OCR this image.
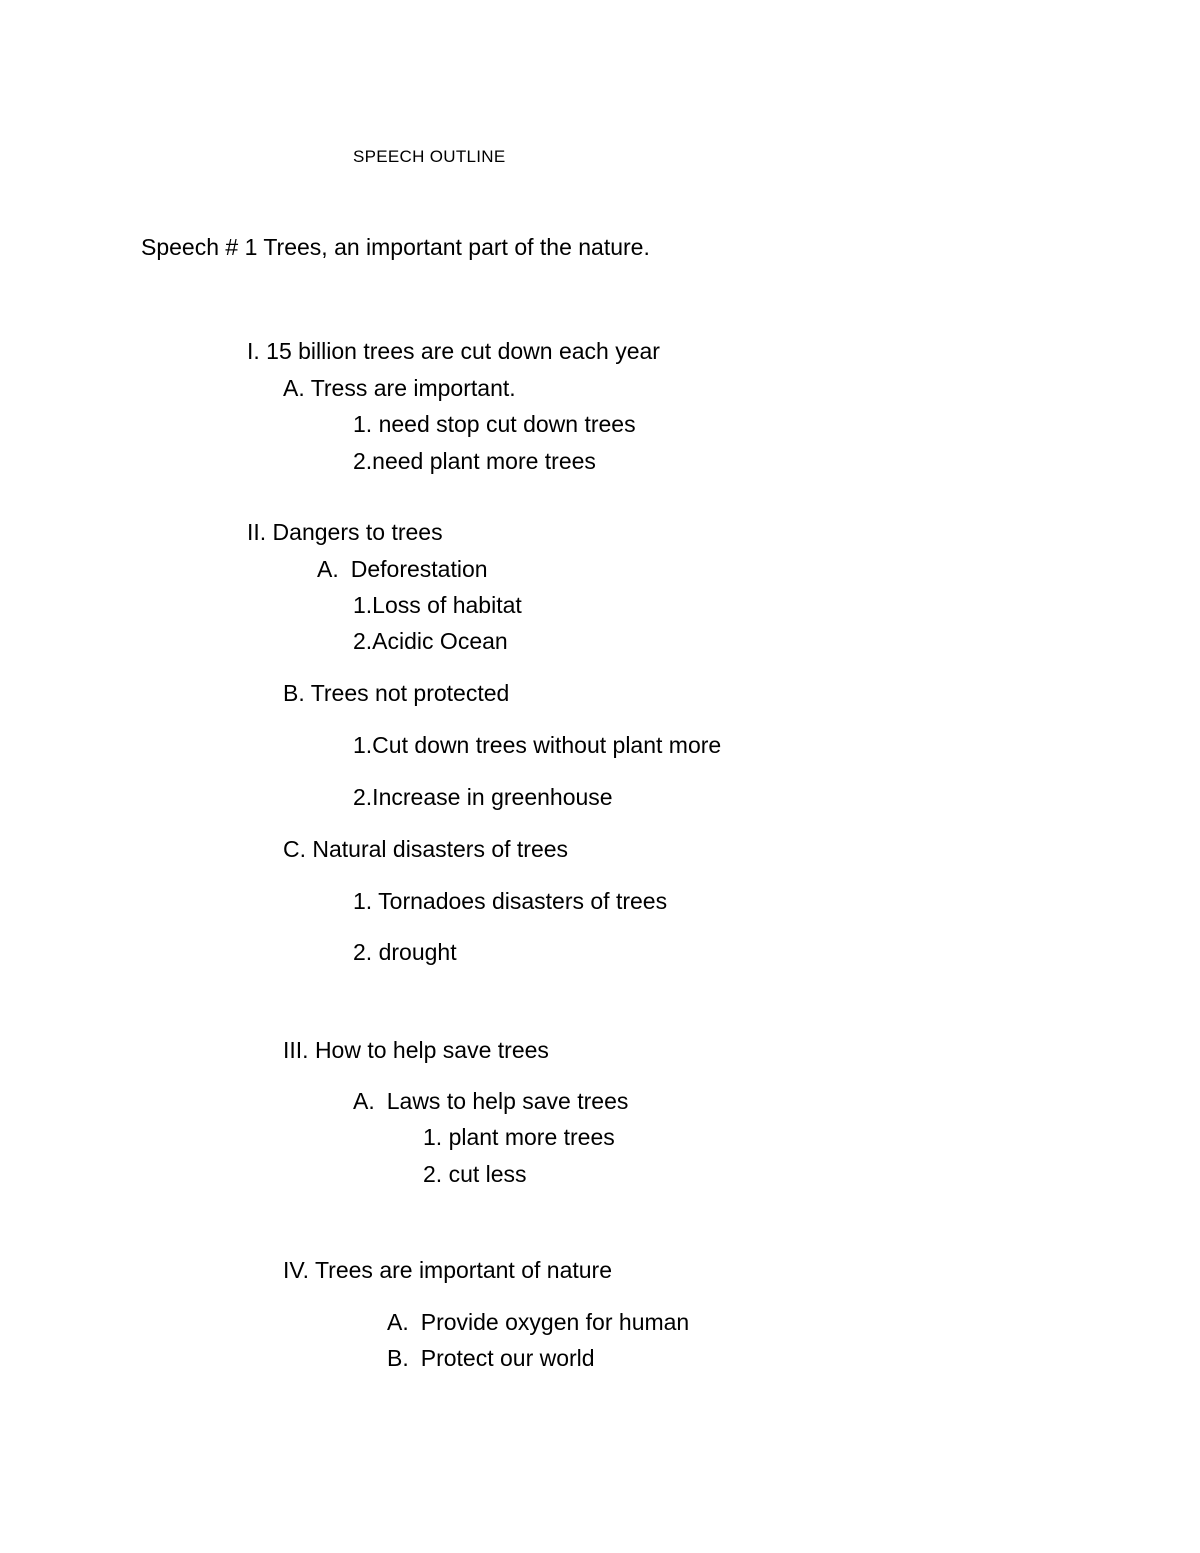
SPEECH OUTLINE
Speech # 1 Trees, an important part of the nature.
I. 15 billion trees are cut down each year
A. Tress are important.
1. need stop cut down trees
2.need plant more trees
II. Dangers to trees
A. Deforestation
1.Loss of habitat
2.Acidic Ocean
B. Trees not protected
1.Cut down trees without plant more
2.Increase in greenhouse
C. Natural disasters of trees
1. Tornadoes disasters of trees
2. drought
III. How to help save trees
A. Laws to help save trees
1. plant more trees
2. cut less
IV. Trees are important of nature
A. Provide oxygen for human
B. Protect our world
